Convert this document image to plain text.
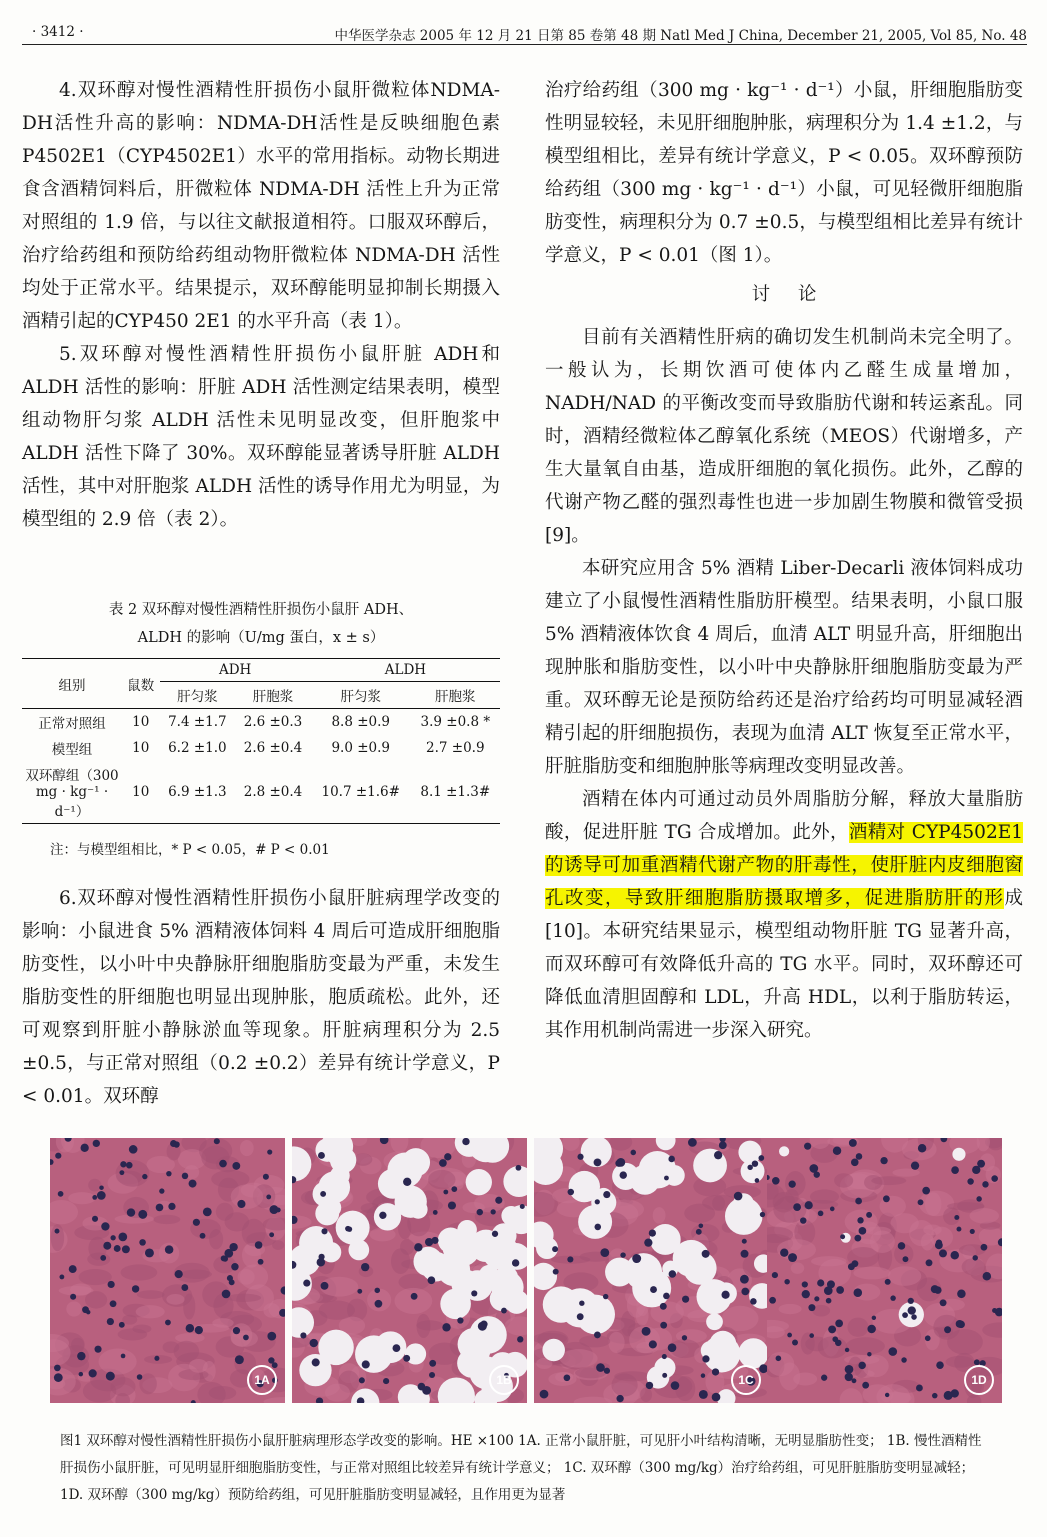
· 3412 ·	中华医学杂志 2005 年 12 月 21 日第 85 卷第 48 期 Natl Med J China, December 21, 2005, Vol 85, No. 48

4.双环醇对慢性酒精性肝损伤小鼠肝微粒体NDMA-DH活性升高的影响：NDMA-DH活性是反映细胞色素 P4502E1（CYP4502E1）水平的常用指标。动物长期进食含酒精饲料后，肝微粒体 NDMA-DH 活性上升为正常对照组的 1.9 倍，与以往文献报道相符。口服双环醇后，治疗给药组和预防给药组动物肝微粒体 NDMA-DH 活性均处于正常水平。结果提示，双环醇能明显抑制长期摄入酒精引起的CYP450 2E1 的水平升高（表 1）。

5.双环醇对慢性酒精性肝损伤小鼠肝脏 ADH和 ALDH 活性的影响：肝脏 ADH 活性测定结果表明，模型组动物肝匀浆 ALDH 活性未见明显改变，但肝胞浆中 ALDH 活性下降了 30%。双环醇能显著诱导肝脏 ALDH 活性，其中对肝胞浆 ALDH 活性的诱导作用尤为明显，为模型组的 2.9 倍（表 2）。

表 2 双环醇对慢性酒精性肝损伤小鼠肝 ADH、
ALDH 的影响（U/mg 蛋白，x ± s）
组别	鼠数	ADH		ALDH	
		肝匀浆	肝胞浆	肝匀浆	肝胞浆
正常对照组	10	7.4 ±1.7	2.6 ±0.3	8.8 ±0.9	3.9 ±0.8 *
模型组	10	6.2 ±1.0	2.6 ±0.4	9.0 ±0.9	2.7 ±0.9
双环醇组（300 mg · kg⁻¹ · d⁻¹）	10	6.9 ±1.3	2.8 ±0.4	10.7 ±1.6#	8.1 ±1.3#
注：与模型组相比，* P < 0.05，# P < 0.01

6.双环醇对慢性酒精性肝损伤小鼠肝脏病理学改变的影响：小鼠进食 5% 酒精液体饲料 4 周后可造成肝细胞脂肪变性，以小叶中央静脉肝细胞脂肪变最为严重，未发生脂肪变性的肝细胞也明显出现肿胀，胞质疏松。此外，还可观察到肝脏小静脉淤血等现象。肝脏病理积分为 2.5 ±0.5，与正常对照组（0.2 ±0.2）差异有统计学意义，P < 0.01。双环醇

治疗给药组（300 mg · kg⁻¹ · d⁻¹）小鼠，肝细胞脂肪变性明显较轻，未见肝细胞肿胀，病理积分为 1.4 ±1.2，与模型组相比，差异有统计学意义，P < 0.05。双环醇预防给药组（300 mg · kg⁻¹ · d⁻¹）小鼠，可见轻微肝细胞脂肪变性，病理积分为 0.7 ±0.5，与模型组相比差异有统计学意义，P < 0.01（图 1）。

讨论

目前有关酒精性肝病的确切发生机制尚未完全明了。一般认为，长期饮酒可使体内乙醛生成量增加，NADH/NAD 的平衡改变而导致脂肪代谢和转运紊乱。同时，酒精经微粒体乙醇氧化系统（MEOS）代谢增多，产生大量氧自由基，造成肝细胞的氧化损伤。此外，乙醇的代谢产物乙醛的强烈毒性也进一步加剧生物膜和微管受损[9]。

本研究应用含 5% 酒精 Liber-Decarli 液体饲料成功建立了小鼠慢性酒精性脂肪肝模型。结果表明，小鼠口服 5% 酒精液体饮食 4 周后，血清 ALT 明显升高，肝细胞出现肿胀和脂肪变性，以小叶中央静脉肝细胞脂肪变最为严重。双环醇无论是预防给药还是治疗给药均可明显减轻酒精引起的肝细胞损伤，表现为血清 ALT 恢复至正常水平，肝脏脂肪变和细胞肿胀等病理改变明显改善。

酒精在体内可通过动员外周脂肪分解，释放大量脂肪酸，促进肝脏 TG 合成增加。此外，酒精对 CYP4502E1 的诱导可加重酒精代谢产物的肝毒性，使肝脏内皮细胞窗孔改变，导致肝细胞脂肪摄取增多，促进脂肪肝的形成[10]。本研究结果显示，模型组动物肝脏 TG 显著升高，而双环醇可有效降低升高的 TG 水平。同时，双环醇还可降低血清胆固醇和 LDL，升高 HDL，以利于脂肪转运，其作用机制尚需进一步深入研究。

1A	1B	1C	1D
图1 双环醇对慢性酒精性肝损伤小鼠肝脏病理形态学改变的影响。HE ×100 1A. 正常小鼠肝脏，可见肝小叶结构清晰，无明显脂肪性变； 1B. 慢性酒精性肝损伤小鼠肝脏，可见明显肝细胞脂肪变性，与正常对照组比较差异有统计学意义； 1C. 双环醇（300 mg/kg）治疗给药组，可见肝脏脂肪变明显减轻； 1D. 双环醇（300 mg/kg）预防给药组，可见肝脏脂肪变明显减轻，且作用更为显著
